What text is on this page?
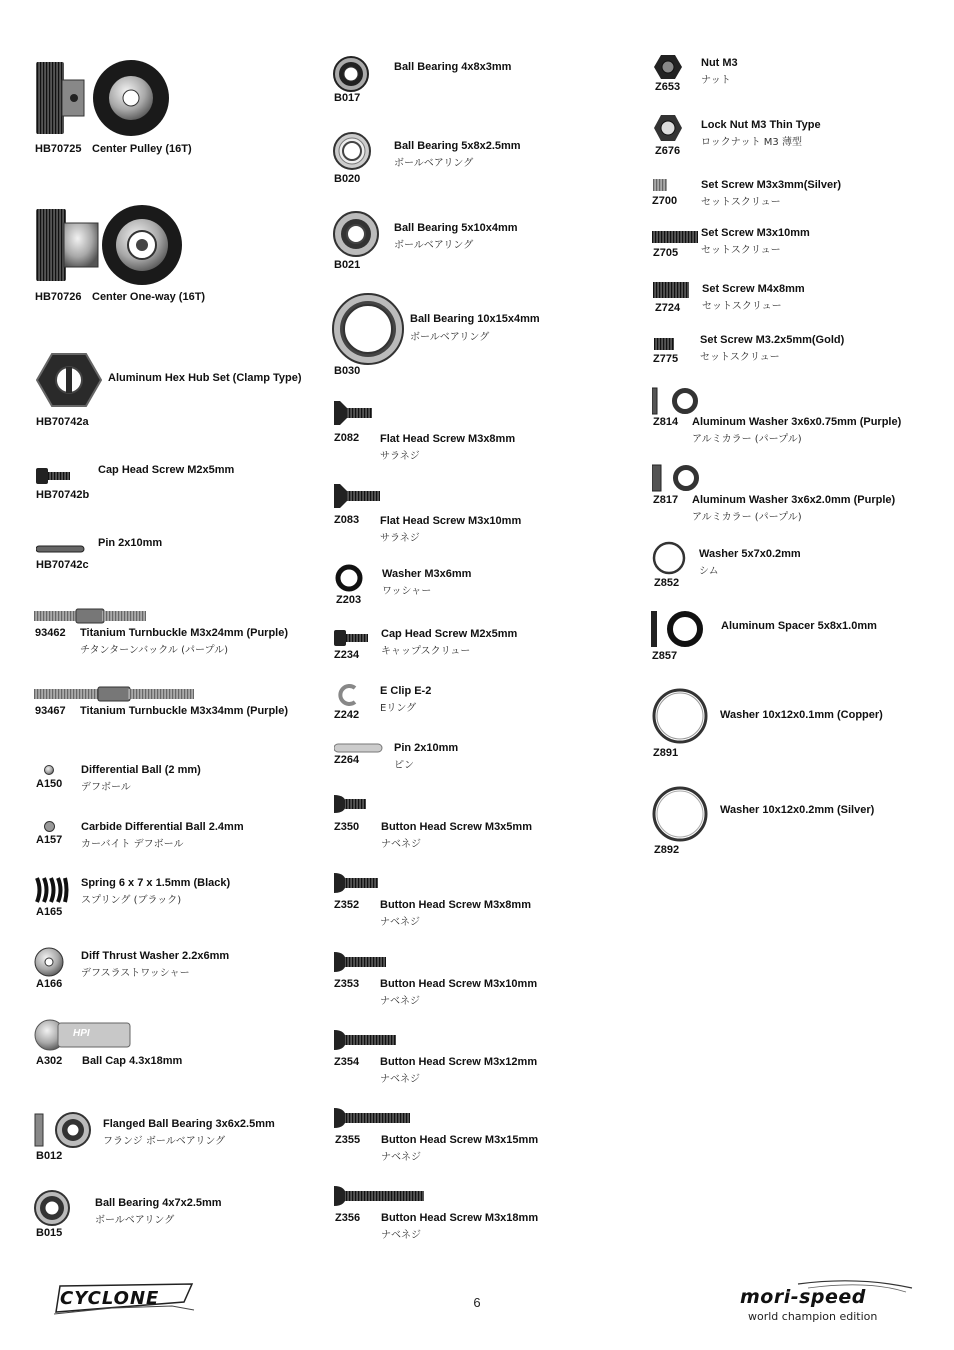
HB70725 Center Pulley (16T)
HB70726 Center One-way (16T)
Aluminum Hex Hub Set (Clamp Type)
HB70742a
Cap Head Screw M2x5mm
HB70742b
Pin 2x10mm
HB70742c
93462 Titanium Turnbuckle M3x24mm (Purple)
チタンターンバックル (パープル)
93467 Titanium Turnbuckle M3x34mm (Purple)
Differential Ball (2 mm)
デフボール
A150
Carbide Differential Ball 2.4mm
カーバイト デフボール
A157
Spring 6 x 7 x 1.5mm (Black)
スプリング (ブラック)
A165
Diff Thrust Washer 2.2x6mm
デフスラストワッシャー
A166
HPI
A302 Ball Cap 4.3x18mm
Flanged Ball Bearing 3x6x2.5mm
フランジ ボールベアリング
B012
Ball Bearing 4x7x2.5mm
ボールベアリング
B015
Ball Bearing 4x8x3mm
B017
Ball Bearing 5x8x2.5mm
ボールベアリング
B020
Ball Bearing 5x10x4mm
ボールベアリング
B021
Ball Bearing 10x15x4mm
ボールベアリング
B030
Z082 Flat Head Screw M3x8mm
サラネジ
Z083 Flat Head Screw M3x10mm
サラネジ
Washer M3x6mm
ワッシャー
Z203
Cap Head Screw M2x5mm
キャップスクリュー
Z234
E Clip E-2
Eリング
Z242
Pin 2x10mm
ピン
Z264
Z350 Button Head Screw M3x5mm
ナベネジ
Z352 Button Head Screw M3x8mm
ナベネジ
Z353 Button Head Screw M3x10mm
ナベネジ
Z354 Button Head Screw M3x12mm
ナベネジ
Z355 Button Head Screw M3x15mm
ナベネジ
Z356 Button Head Screw M3x18mm
ナベネジ
Nut M3
ナット
Z653
Lock Nut M3 Thin Type
ロックナット M3 薄型
Z676
Set Screw M3x3mm(Silver)
セットスクリュー
Z700
Set Screw M3x10mm
セットスクリュー
Z705
Set Screw M4x8mm
セットスクリュー
Z724
Set Screw M3.2x5mm(Gold)
セットスクリュー
Z775
Z814 Aluminum Washer 3x6x0.75mm (Purple)
アルミカラー (パープル)
Z817 Aluminum Washer 3x6x2.0mm (Purple)
アルミカラー (パープル)
Washer 5x7x0.2mm
シム
Z852
Aluminum Spacer 5x8x1.0mm
Z857
Washer 10x12x0.1mm (Copper)
Z891
Washer 10x12x0.2mm (Silver)
Z892
CYCLONE	6	mori-speed
world champion edition
